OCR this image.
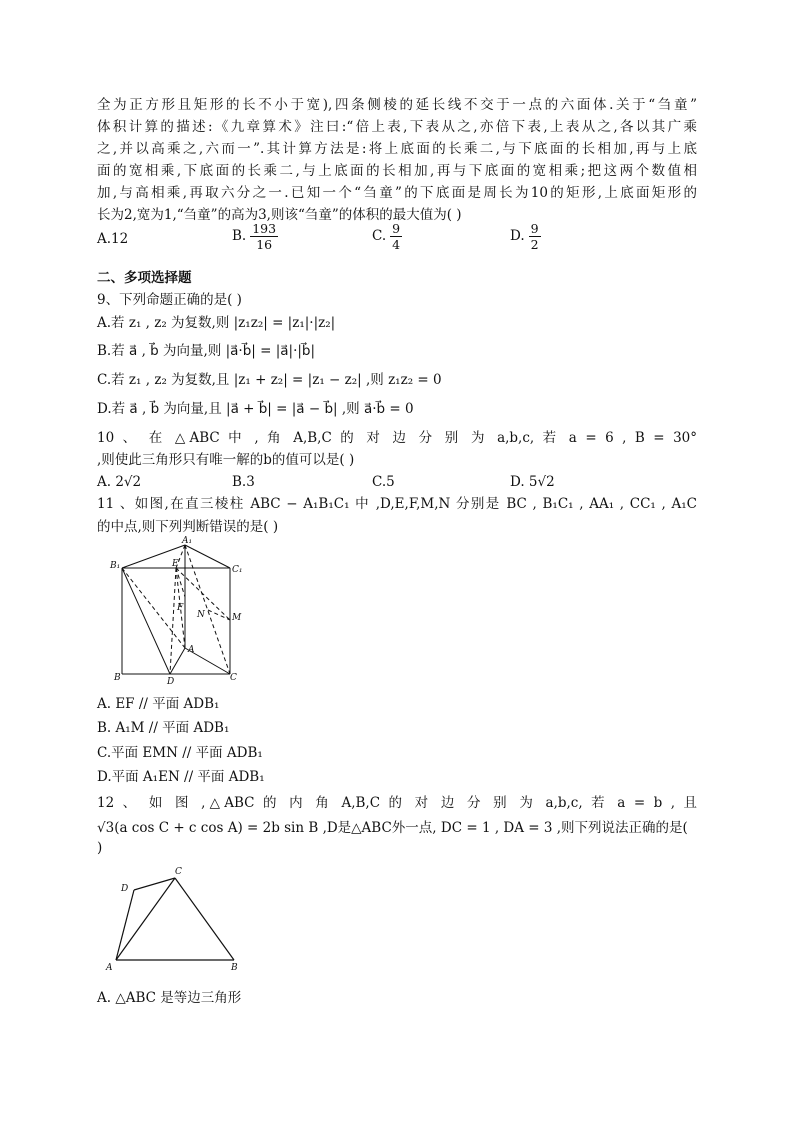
全为正方形且矩形的长不小于宽),四条侧棱的延长线不交于一点的六面体.关于“刍童”
体积计算的描述:《九章算术》注曰:“倍上表,下表从之,亦倍下表,上表从之,各以其广乘
之,并以高乘之,六而一”.其计算方法是:将上底面的长乘二,与下底面的长相加,再与上底
面的宽相乘,下底面的长乘二,与上底面的长相加,再与下底面的宽相乘;把这两个数值相
加,与高相乘,再取六分之一.已知一个“刍童”的下底面是周长为10的矩形,上底面矩形的
长为2,宽为1,“刍童”的高为3,则该“刍童”的体积的最大值为( )
A.12	B. $\frac{193}{16}$	C. $\frac{9}{4}$	D. $\frac{9}{2}$
二、多项选择题
9、下列命题正确的是( )
A.若 z₁ , z₂ 为复数,则 |z₁z₂| = |z₁|·|z₂|
B.若 a⃗ , b⃗ 为向量,则 |a⃗·b⃗| = |a⃗|·|b⃗|
C.若 z₁ , z₂ 为复数,且 |z₁ + z₂| = |z₁ − z₂| ,则 z₁z₂ = 0
D.若 a⃗ , b⃗ 为向量,且 |a⃗ + b⃗| = |a⃗ − b⃗| ,则 a⃗·b⃗ = 0
10 、 在 △ABC 中 , 角 A,B,C 的 对 边 分 别 为 a,b,c, 若 a = 6 , B = 30°
,则使此三角形只有唯一解的b的值可以是( )
A. 2√2	B.3	C.5	D. 5√2
11 、如图,在直三棱柱 ABC − A₁B₁C₁ 中 ,D,E,F,M,N 分别是 BC , B₁C₁ , AA₁ , CC₁ , A₁C
的中点,则下列判断错误的是( )
A₁
B₁	E
C₁
F
N	M
A
B	D	C
A. EF // 平面 ADB₁
B. A₁M // 平面 ADB₁
C.平面 EMN // 平面 ADB₁
D.平面 A₁EN // 平面 ADB₁
12 、 如 图 ,△ABC 的 内 角 A,B,C 的 对 边 分 别 为 a,b,c, 若 a = b , 且
√3(a cos C + c cos A) = 2b sin B ,D是△ABC外一点, DC = 1 , DA = 3 ,则下列说法正确的是(
)
D
C
A	B
A. △ABC 是等边三角形
